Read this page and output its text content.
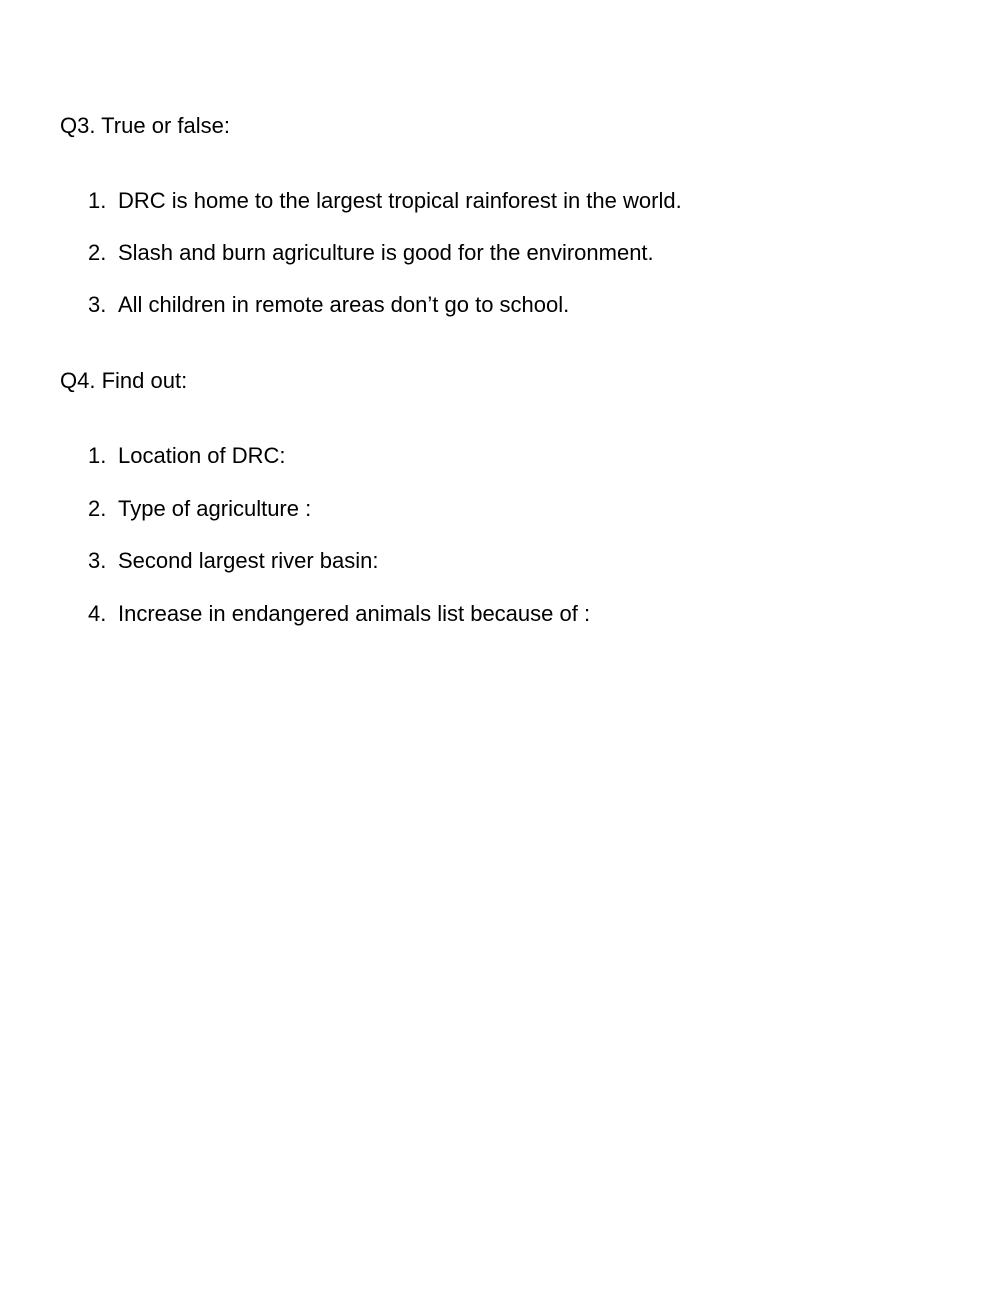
Q3. True or false:
1. DRC is home to the largest tropical rainforest in the world.
2. Slash and burn agriculture is good for the environment.
3. All children in remote areas don’t go to school.
Q4. Find out:
1. Location of DRC:
2. Type of agriculture :
3. Second largest river basin:
4. Increase in endangered animals list because of :
